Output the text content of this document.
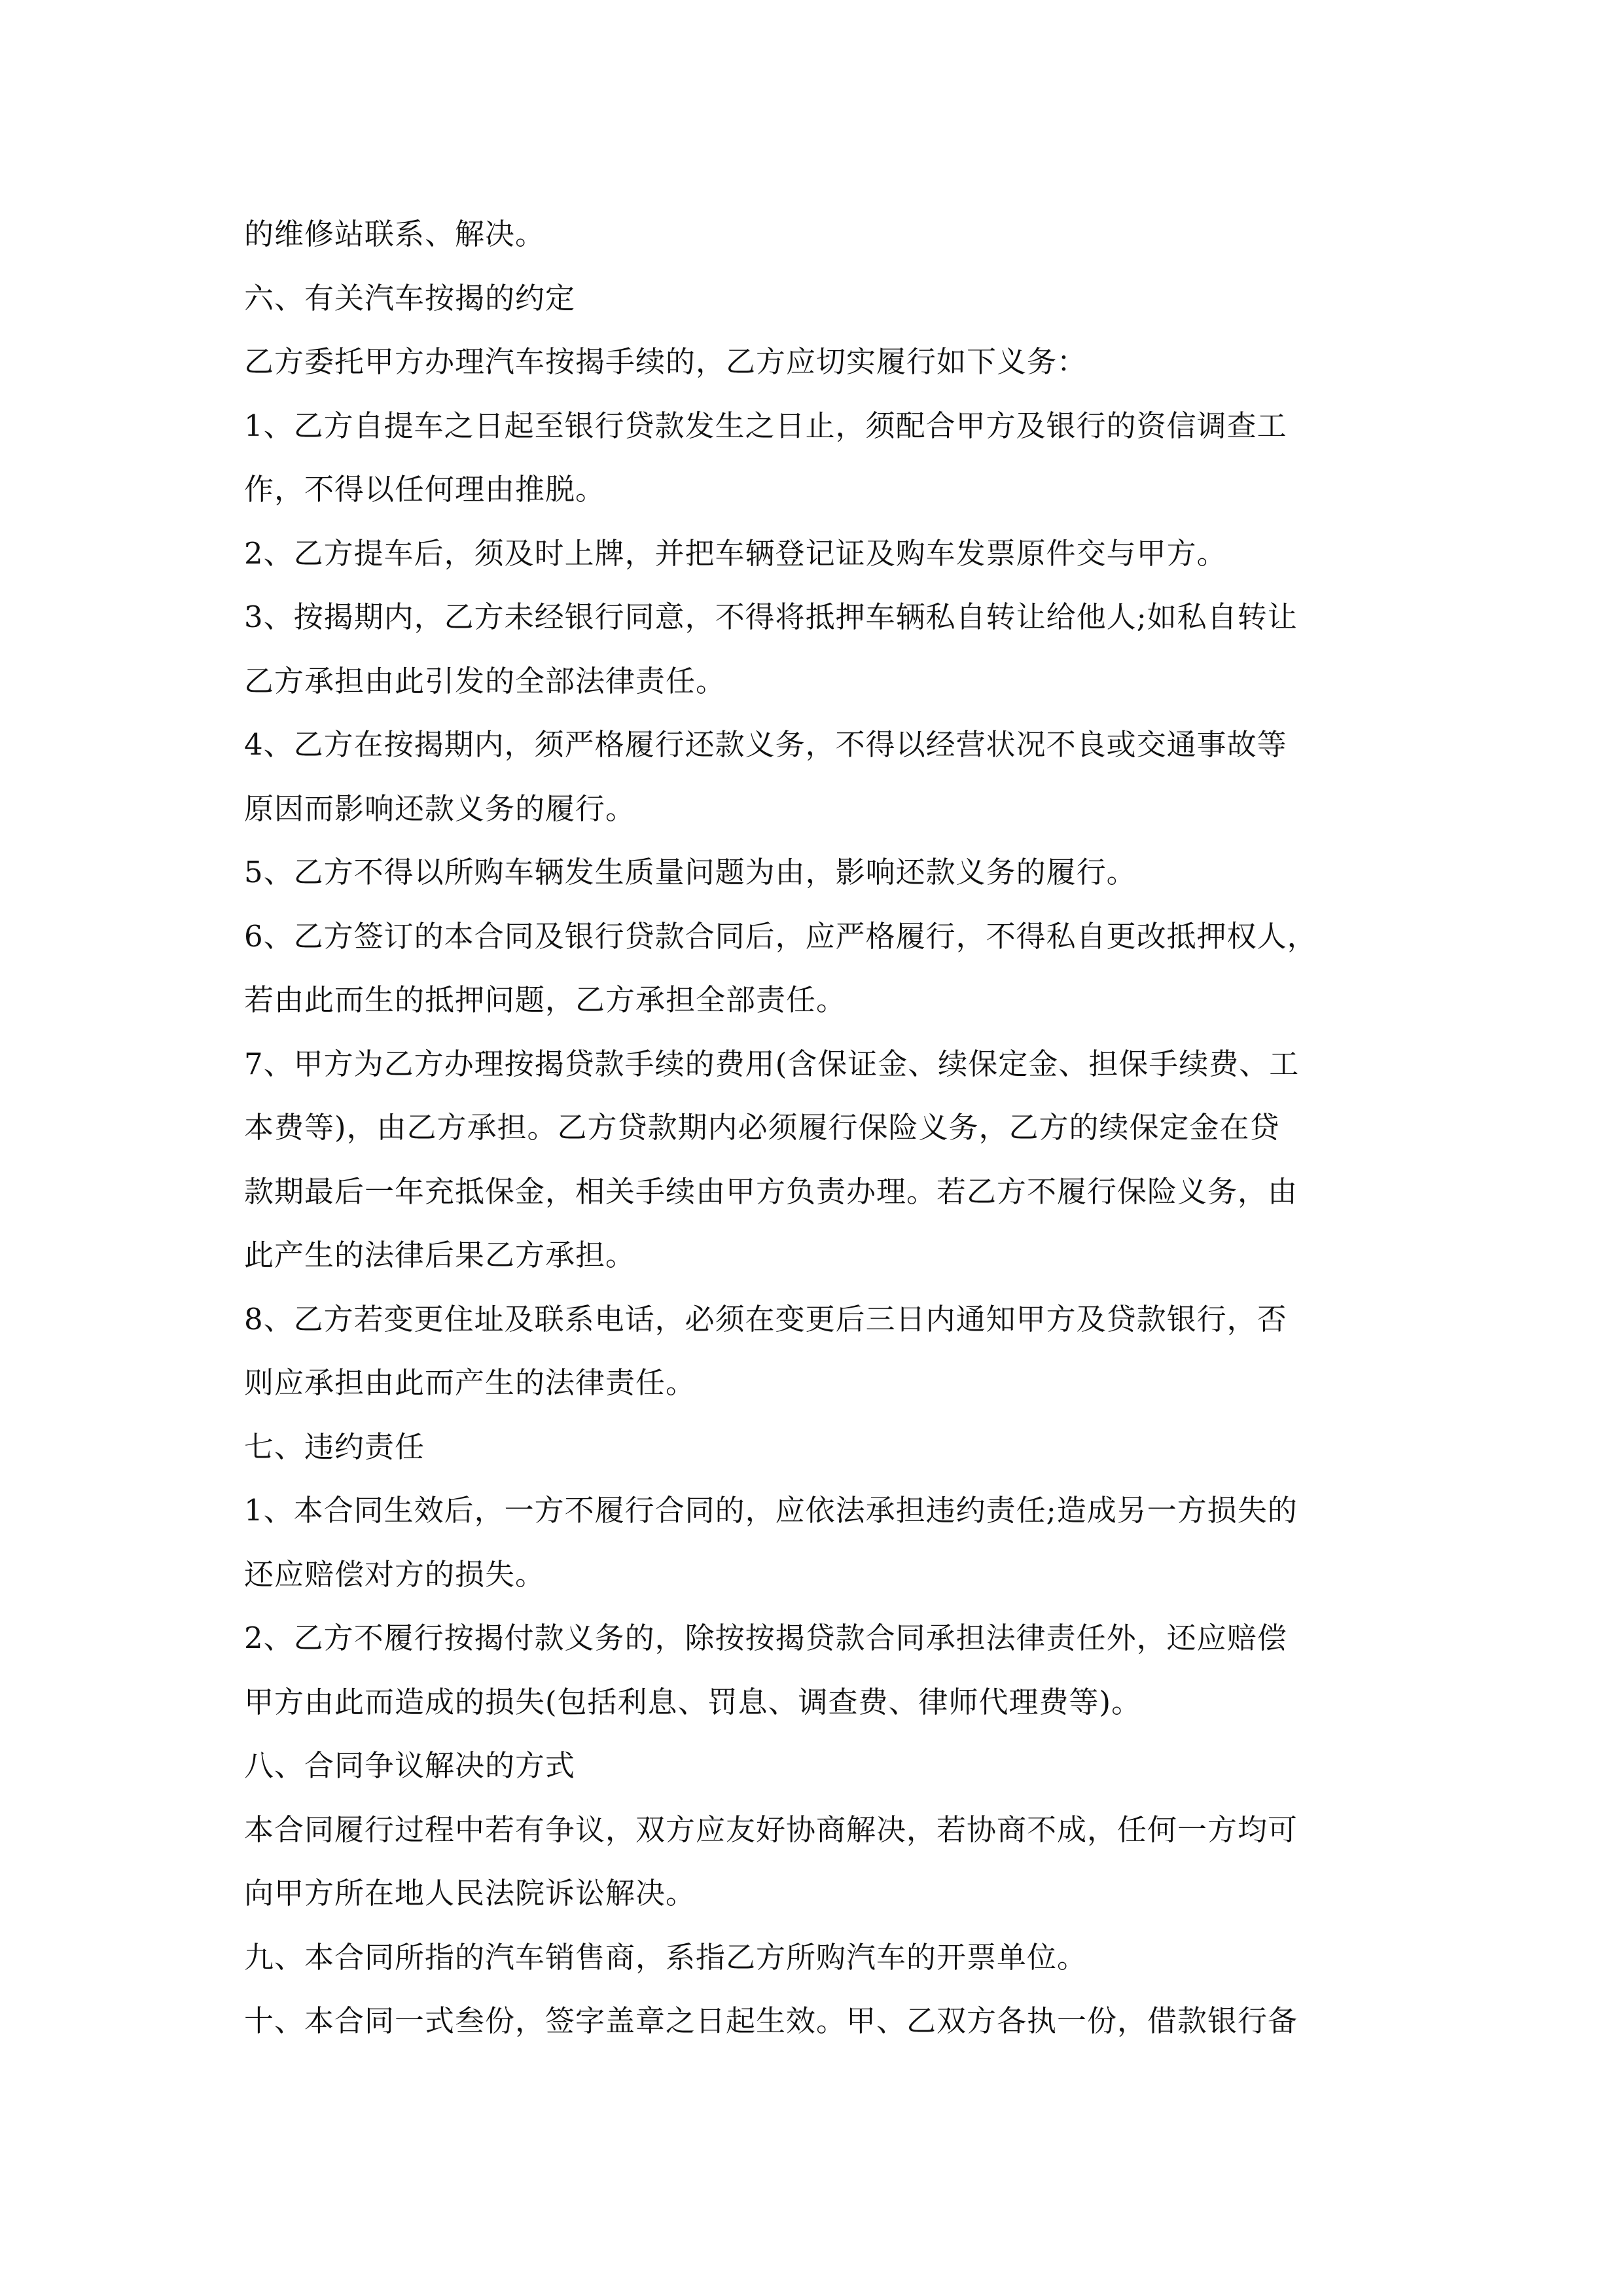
的维修站联系、解决。
六、有关汽车按揭的约定
乙方委托甲方办理汽车按揭手续的，乙方应切实履行如下义务：
1、乙方自提车之日起至银行贷款发生之日止，须配合甲方及银行的资信调查工
作，不得以任何理由推脱。
2、乙方提车后，须及时上牌，并把车辆登记证及购车发票原件交与甲方。
3、按揭期内，乙方未经银行同意，不得将抵押车辆私自转让给他人;如私自转让
乙方承担由此引发的全部法律责任。
4、乙方在按揭期内，须严格履行还款义务，不得以经营状况不良或交通事故等
原因而影响还款义务的履行。
5、乙方不得以所购车辆发生质量问题为由，影响还款义务的履行。
6、乙方签订的本合同及银行贷款合同后，应严格履行，不得私自更改抵押权人，
若由此而生的抵押问题，乙方承担全部责任。
7、甲方为乙方办理按揭贷款手续的费用(含保证金、续保定金、担保手续费、工
本费等)，由乙方承担。乙方贷款期内必须履行保险义务，乙方的续保定金在贷
款期最后一年充抵保金，相关手续由甲方负责办理。若乙方不履行保险义务，由
此产生的法律后果乙方承担。
8、乙方若变更住址及联系电话，必须在变更后三日内通知甲方及贷款银行，否
则应承担由此而产生的法律责任。
七、违约责任
1、本合同生效后，一方不履行合同的，应依法承担违约责任;造成另一方损失的
还应赔偿对方的损失。
2、乙方不履行按揭付款义务的，除按按揭贷款合同承担法律责任外，还应赔偿
甲方由此而造成的损失(包括利息、罚息、调查费、律师代理费等)。
八、合同争议解决的方式
本合同履行过程中若有争议，双方应友好协商解决，若协商不成，任何一方均可
向甲方所在地人民法院诉讼解决。
九、本合同所指的汽车销售商，系指乙方所购汽车的开票单位。
十、本合同一式叁份，签字盖章之日起生效。甲、乙双方各执一份，借款银行备
